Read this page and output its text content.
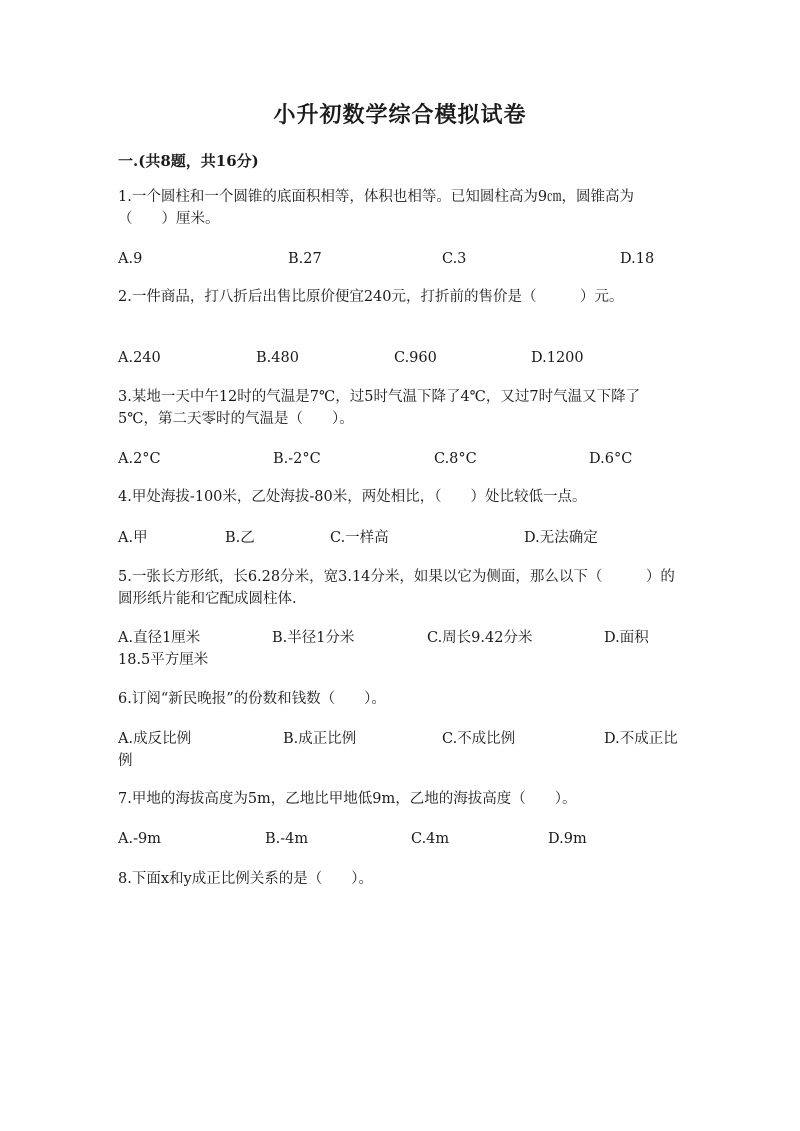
小升初数学综合模拟试卷
一.(共8题，共16分)
1.一个圆柱和一个圆锥的底面积相等，体积也相等。已知圆柱高为9㎝，圆锥高为（　　）厘米。
A.9	B.27	C.3	D.18
2.一件商品，打八折后出售比原价便宜240元，打折前的售价是（　　　）元。
A.240	B.480	C.960	D.1200
3.某地一天中午12时的气温是7℃，过5时气温下降了4℃，又过7时气温又下降了5℃，第二天零时的气温是（　　）。
A.2°C	B.-2°C	C.8°C	D.6°C
4.甲处海拔-100米，乙处海拔-80米，两处相比，（　　）处比较低一点。
A.甲	B.乙	C.一样高	D.无法确定
5.一张长方形纸，长6.28分米，宽3.14分米，如果以它为侧面，那么以下（　　　）的圆形纸片能和它配成圆柱体.
A.直径1厘米	B.半径1分米	C.周长9.42分米	D.面积18.5平方厘米
6.订阅“新民晚报”的份数和钱数（　　）。
A.成反比例	B.成正比例	C.不成比例	D.不成正比例
7.甲地的海拔高度为5m，乙地比甲地低9m，乙地的海拔高度（　　）。
A.-9m	B.-4m	C.4m	D.9m
8.下面x和y成正比例关系的是（　　）。
